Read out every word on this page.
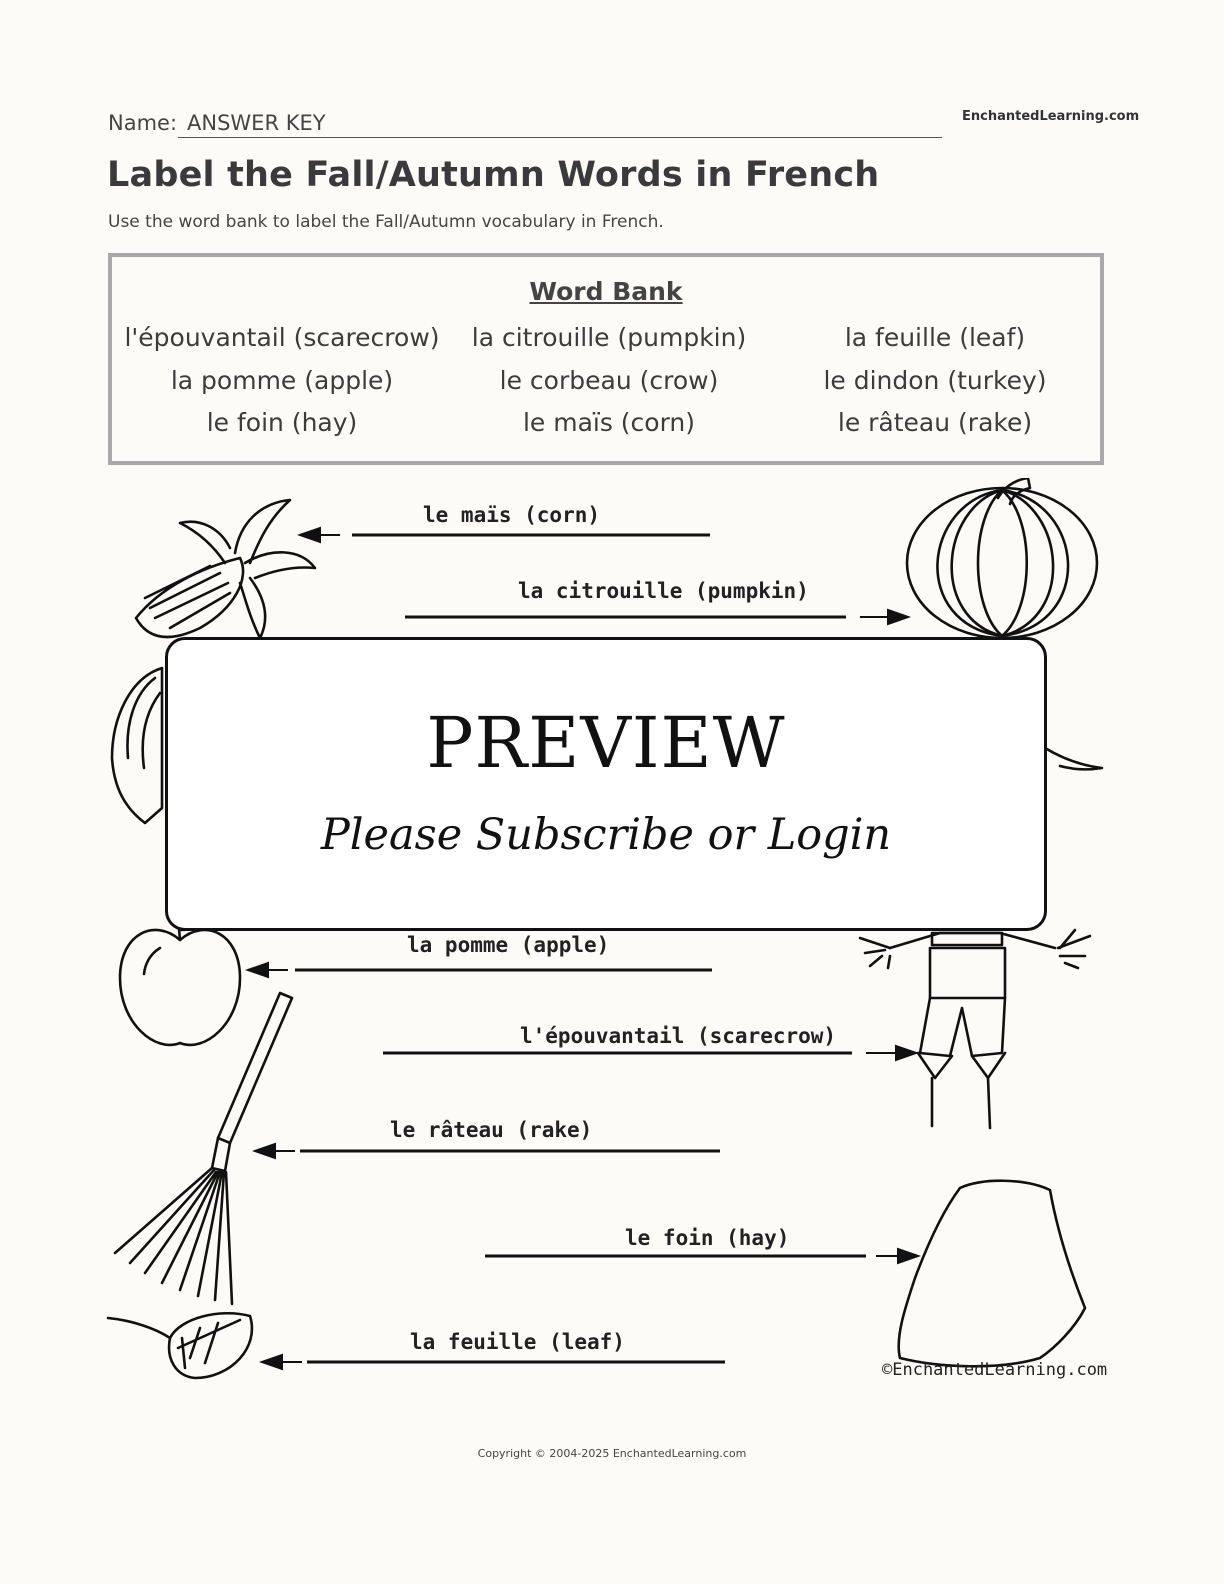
Name: ANSWER KEY	EnchantedLearning.com
Label the Fall/Autumn Words in French
Use the word bank to label the Fall/Autumn vocabulary in French.
Word Bank
l'épouvantail (scarecrow)	la citrouille (pumpkin)	la feuille (leaf)
la pomme (apple)	le corbeau (crow)	le dindon (turkey)
le foin (hay)	le maïs (corn)	le râteau (rake)
le maïs (corn)
la citrouille (pumpkin)
la pomme (apple)
l'épouvantail (scarecrow)
le râteau (rake)
le foin (hay)
la feuille (leaf)
©EnchantedLearning.com
PREVIEW
Please Subscribe or Login
Copyright © 2004-2025 EnchantedLearning.com
